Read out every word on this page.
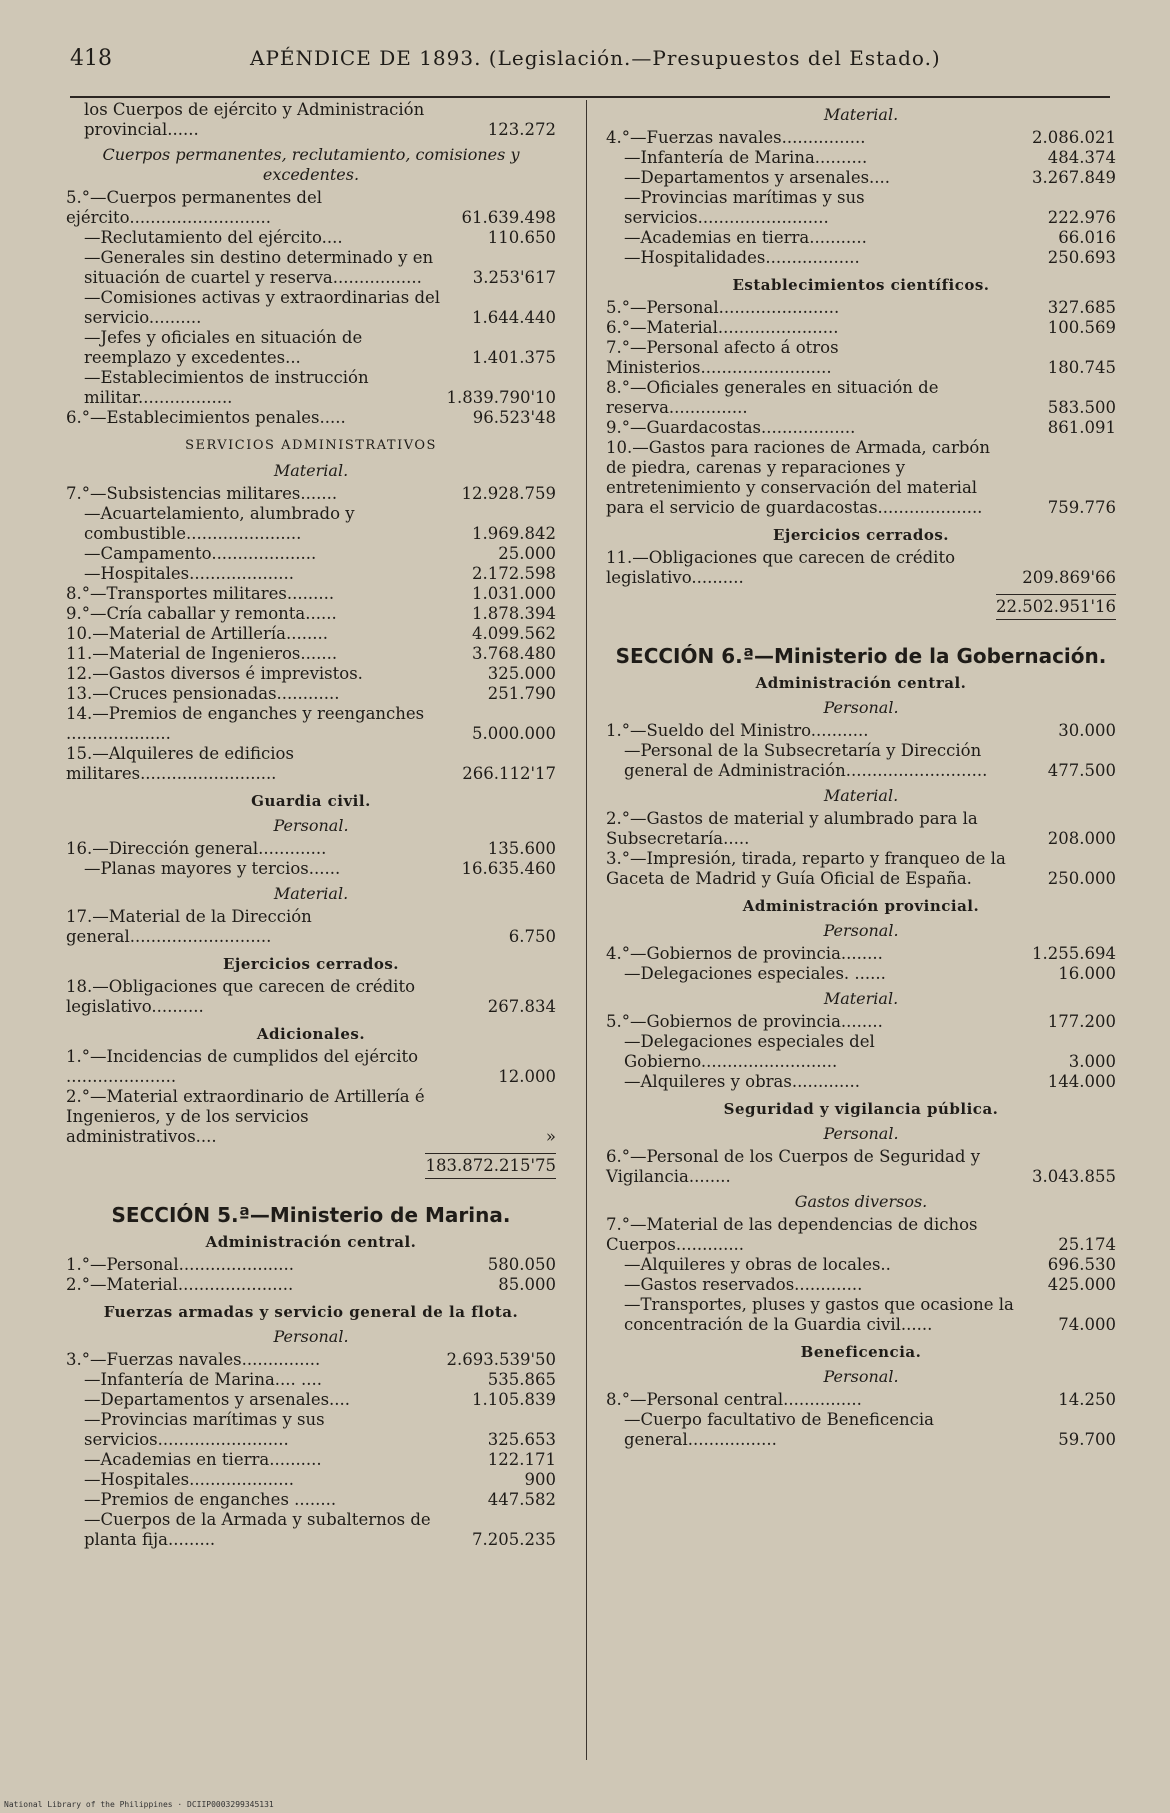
418	APÉNDICE DE 1893. (Legislación.—Presupuestos del Estado.)
los Cuerpos de ejército y Administración provincial......	123.272
Cuerpos permanentes, reclutamiento, comisiones y excedentes.
5.°—Cuerpos permanentes del ejército...........................	61.639.498
—Reclutamiento del ejército....	110.650
—Generales sin destino determinado y en situación de cuartel y reserva.................	3.253'617
—Comisiones activas y extraordinarias del servicio..........	1.644.440
—Jefes y oficiales en situación de reemplazo y excedentes...	1.401.375
—Establecimientos de instrucción militar..................	1.839.790'10
6.°—Establecimientos penales.....	96.523'48
SERVICIOS ADMINISTRATIVOS
Material.
7.°—Subsistencias militares.......	12.928.759
—Acuartelamiento, alumbrado y combustible......................	1.969.842
—Campamento....................	25.000
—Hospitales....................	2.172.598
8.°—Transportes militares.........	1.031.000
9.°—Cría caballar y remonta......	1.878.394
10.—Material de Artillería........	4.099.562
11.—Material de Ingenieros.......	3.768.480
12.—Gastos diversos é imprevistos.	325.000
13.—Cruces pensionadas............	251.790
14.—Premios de enganches y reenganches ....................	5.000.000
15.—Alquileres de edificios militares..........................	266.112'17
Guardia civil.
Personal.
16.—Dirección general.............	135.600
—Planas mayores y tercios......	16.635.460
Material.
17.—Material de la Dirección general...........................	6.750
Ejercicios cerrados.
18.—Obligaciones que carecen de crédito legislativo..........	267.834
Adicionales.
1.°—Incidencias de cumplidos del ejército .....................	12.000
2.°—Material extraordinario de Artillería é Ingenieros, y de los servicios administrativos....	»
183.872.215'75
SECCIÓN 5.ª—Ministerio de Marina.
Administración central.
1.°—Personal......................	580.050
2.°—Material......................	85.000
Fuerzas armadas y servicio general de la flota.
Personal.
3.°—Fuerzas navales...............	2.693.539'50
—Infantería de Marina.... ....	535.865
—Departamentos y arsenales....	1.105.839
—Provincias marítimas y sus servicios.........................	325.653
—Academias en tierra..........	122.171
—Hospitales....................	900
—Premios de enganches ........	447.582
—Cuerpos de la Armada y subalternos de planta fija.........	7.205.235
Material.
4.°—Fuerzas navales................	2.086.021
—Infantería de Marina..........	484.374
—Departamentos y arsenales....	3.267.849
—Provincias marítimas y sus servicios.........................	222.976
—Academias en tierra...........	66.016
—Hospitalidades..................	250.693
Establecimientos científicos.
5.°—Personal.......................	327.685
6.°—Material.......................	100.569
7.°—Personal afecto á otros Ministerios.........................	180.745
8.°—Oficiales generales en situación de reserva...............	583.500
9.°—Guardacostas..................	861.091
10.—Gastos para raciones de Armada, carbón de piedra, carenas y reparaciones y entretenimiento y conservación del material para el servicio de guardacostas....................	759.776
Ejercicios cerrados.
11.—Obligaciones que carecen de crédito legislativo..........	209.869'66
22.502.951'16
SECCIÓN 6.ª—Ministerio de la Gobernación.
Administración central.
Personal.
1.°—Sueldo del Ministro...........	30.000
—Personal de la Subsecretaría y Dirección general de Administración...........................	477.500
Material.
2.°—Gastos de material y alumbrado para la Subsecretaría.....	208.000
3.°—Impresión, tirada, reparto y franqueo de la Gaceta de Madrid y Guía Oficial de España.	250.000
Administración provincial.
Personal.
4.°—Gobiernos de provincia........	1.255.694
—Delegaciones especiales. ......	16.000
Material.
5.°—Gobiernos de provincia........	177.200
—Delegaciones especiales del Gobierno..........................	3.000
—Alquileres y obras.............	144.000
Seguridad y vigilancia pública.
Personal.
6.°—Personal de los Cuerpos de Seguridad y Vigilancia........	3.043.855
Gastos diversos.
7.°—Material de las dependencias de dichos Cuerpos.............	25.174
—Alquileres y obras de locales..	696.530
—Gastos reservados.............	425.000
—Transportes, pluses y gastos que ocasione la concentración de la Guardia civil......	74.000
Beneficencia.
Personal.
8.°—Personal central...............	14.250
—Cuerpo facultativo de Beneficencia general.................	59.700
National Library of the Philippines · DCIIP0003299345131
